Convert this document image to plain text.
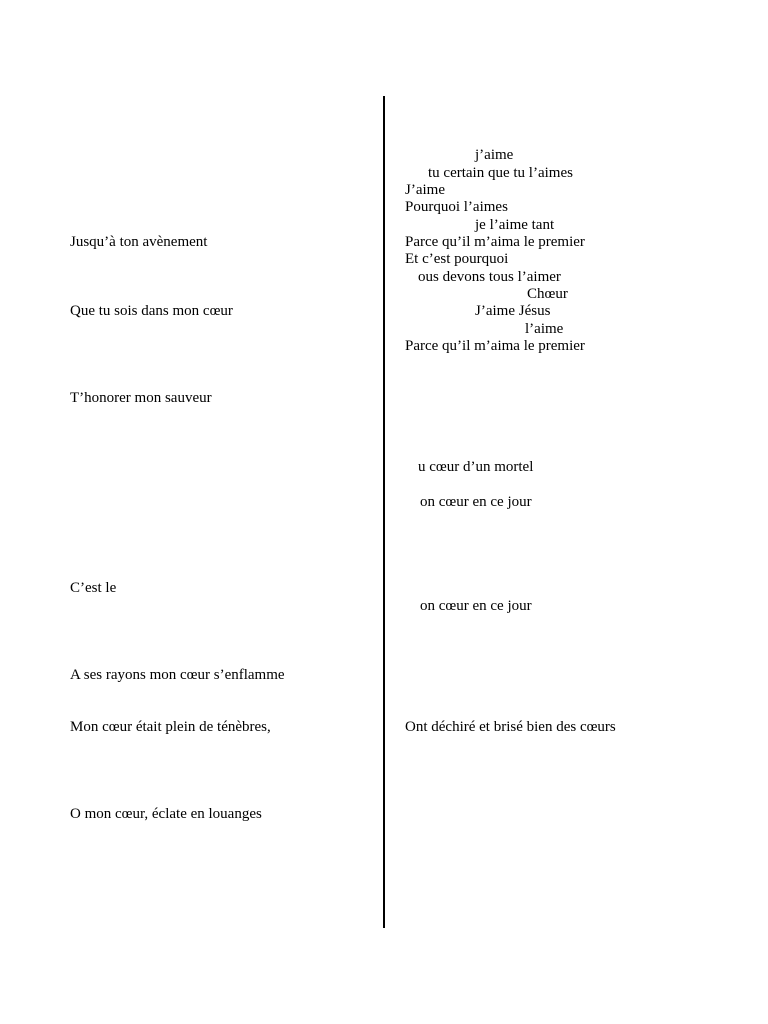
Jusqu’à ton avènement
Que tu sois dans mon cœur
T’honorer mon sauveur
C’est le
A ses rayons mon cœur s’enflamme
Mon cœur était plein de ténèbres,
O mon cœur, éclate en louanges
j’aime
tu certain que tu l’aimes
J’aime
Pourquoi l’aimes
je l’aime tant
Parce qu’il m’aima le premier
Et c’est pourquoi
ous devons tous l’aimer
Chœur
J’aime Jésus
l’aime
Parce qu’il m’aima le premier
u cœur d’un mortel
on cœur en ce jour
on cœur en ce jour
Ont déchiré et brisé bien des cœurs
